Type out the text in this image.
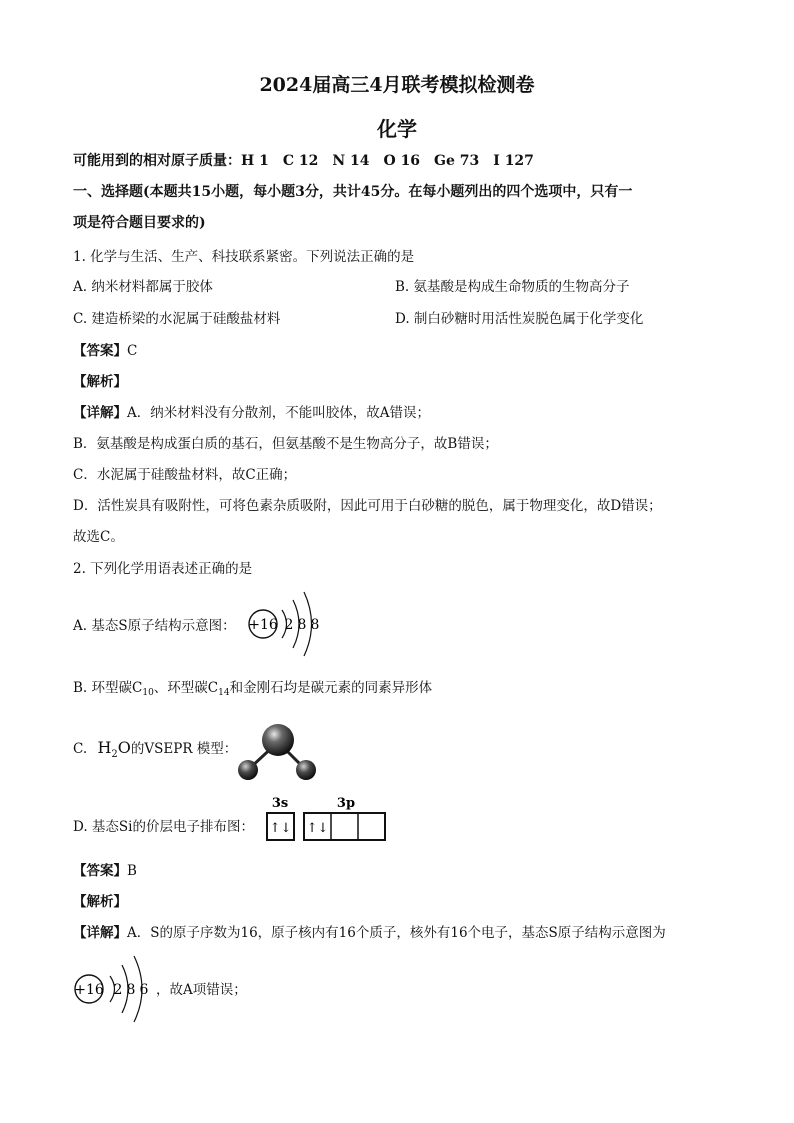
2024届高三4月联考模拟检测卷
化学
可能用到的相对原子质量：H 1　C 12　N 14　O 16　Ge 73　I 127
一、选择题(本题共15小题，每小题3分，共计45分。在每小题列出的四个选项中，只有一
项是符合题目要求的)
1. 化学与生活、生产、科技联系紧密。下列说法正确的是
A. 纳米材料都属于胶体	B. 氨基酸是构成生命物质的生物高分子
C. 建造桥梁的水泥属于硅酸盐材料	D. 制白砂糖时用活性炭脱色属于化学变化
【答案】C
【解析】
【详解】A．纳米材料没有分散剂，不能叫胶体，故A错误；
B．氨基酸是构成蛋白质的基石，但氨基酸不是生物高分子，故B错误；
C．水泥属于硅酸盐材料，故C正确；
D．活性炭具有吸附性，可将色素杂质吸附，因此可用于白砂糖的脱色，属于物理变化，故D错误；
故选C。
2. 下列化学用语表述正确的是
A. 基态S原子结构示意图： +16 2 8 8
B. 环型碳$C_{10}$、环型碳$C_{14}$和金刚石均是碳元素的同素异形体
C. $H_2O$的VSEPR 模型：
D. 基态Si的价层电子排布图：
3s	3p
↑↓ ↑↓
【答案】B
【解析】
【详解】A．S的原子序数为16，原子核内有16个质子，核外有16个电子，基态S原子结构示意图为
+16 2 8 6 ，故A项错误；
